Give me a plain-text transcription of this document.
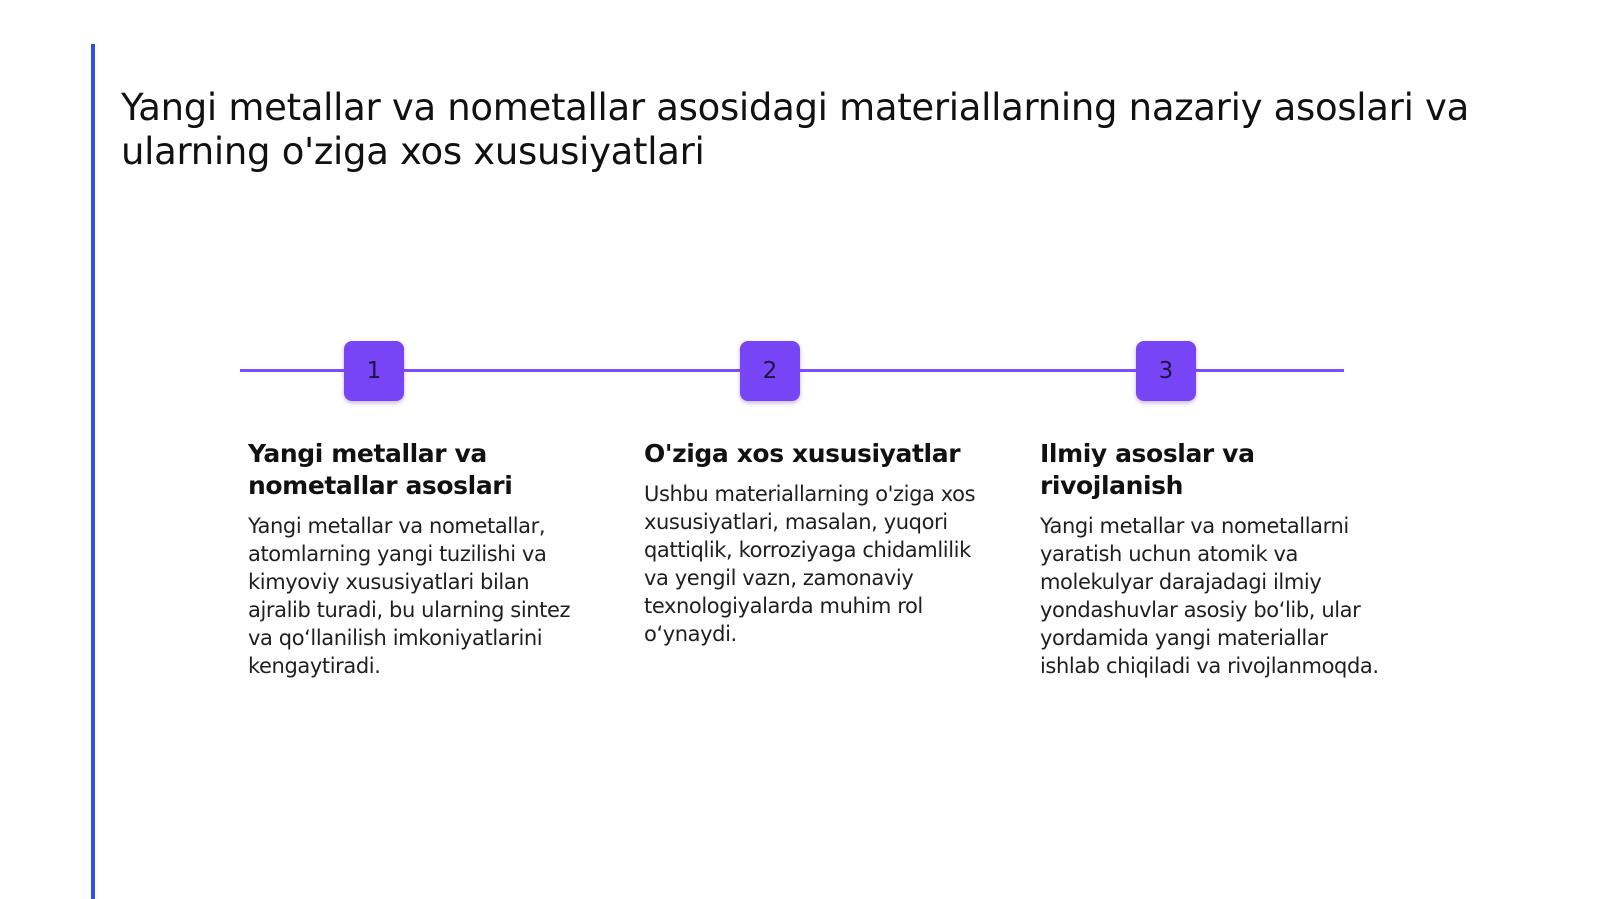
Yangi metallar va nometallar asosidagi materiallarning nazariy asoslari va ularning o'ziga xos xususiyatlari
1	2	3
Yangi metallar va nometallar asoslari

Yangi metallar va nometallar, atomlarning yangi tuzilishi va kimyoviy xususiyatlari bilan ajralib turadi, bu ularning sintez va qo‘llanilish imkoniyatlarini kengaytiradi.

O'ziga xos xususiyatlar

Ushbu materiallarning o'ziga xos xususiyatlari, masalan, yuqori qattiqlik, korroziyaga chidamlilik va yengil vazn, zamonaviy texnologiyalarda muhim rol o‘ynaydi.

Ilmiy asoslar va rivojlanish

Yangi metallar va nometallarni yaratish uchun atomik va molekulyar darajadagi ilmiy yondashuvlar asosiy bo‘lib, ular yordamida yangi materiallar ishlab chiqiladi va rivojlanmoqda.
